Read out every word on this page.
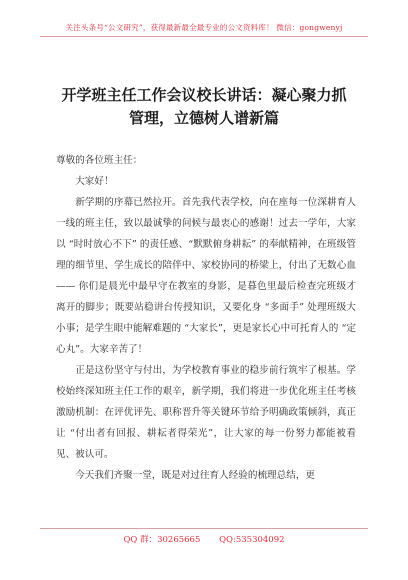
关注头条号“公文研究”，获得最新最全最专业的公文资料库！ 微信：gongwenyj
开学班主任工作会议校长讲话：凝心聚力抓
管理，立德树人谱新篇

尊敬的各位班主任：

大家好！

新学期的序幕已然拉开。首先我代表学校，向在座每一位深耕育人一线的班主任，致以最诚挚的问候与最衷心的感谢！过去一学年，大家以 “时时放心不下” 的责任感、“默默俯身耕耘” 的奉献精神，在班级管理的细节里、学生成长的陪伴中、家校协同的桥梁上，付出了无数心血 —— 你们是晨光中最早守在教室的身影，是暮色里最后检查完班级才离开的脚步；既要站稳讲台传授知识，又要化身 “多面手” 处理班级大小事；是学生眼中能解难题的 “大家长”，更是家长心中可托育人的 “定心丸”。大家辛苦了！

正是这份坚守与付出，为学校教育事业的稳步前行筑牢了根基。学校始终深知班主任工作的艰辛，新学期，我们将进一步优化班主任考核激励机制：在评优评先、职称晋升等关键环节给予明确政策倾斜，真正让 “付出者有回报、耕耘者得荣光”，让大家的每一份努力都能被看见、被认可。

今天我们齐聚一堂，既是对过往育人经验的梳理总结，更

QQ 群：30265665 QQ:535304092
